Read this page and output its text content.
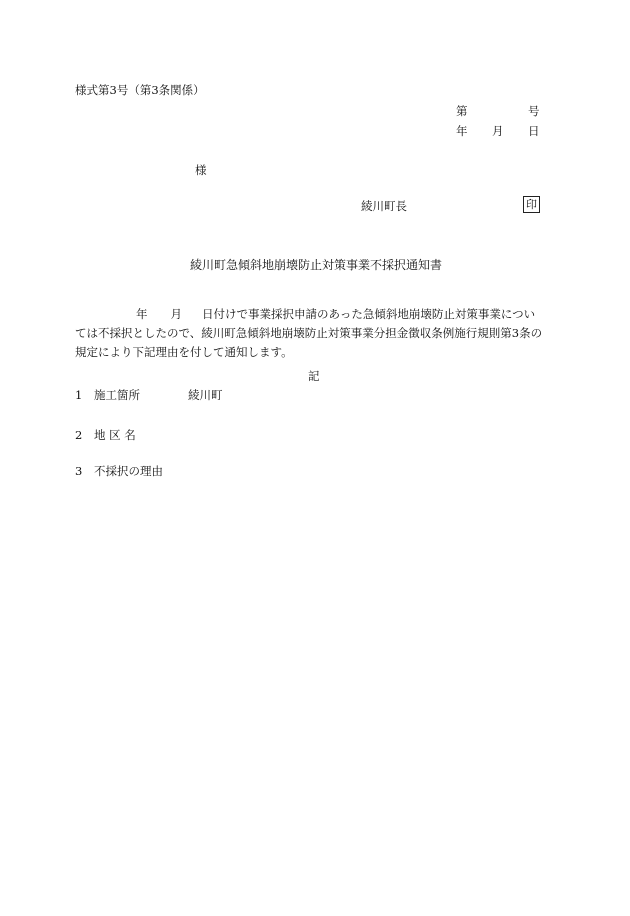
様式第3号（第3条関係）
第	号
年 月 日
様
綾川町長	印
綾川町急傾斜地崩壊防止対策事業不採択通知書
年 月 日付けで事業採択申請のあった急傾斜地崩壊防止対策事業につい
ては不採択としたので、綾川町急傾斜地崩壊防止対策事業分担金徴収条例施行規則第3条の
規定により下記理由を付して通知します。
記
1 施工箇所	綾川町
2 地 区 名
3 不採択の理由
